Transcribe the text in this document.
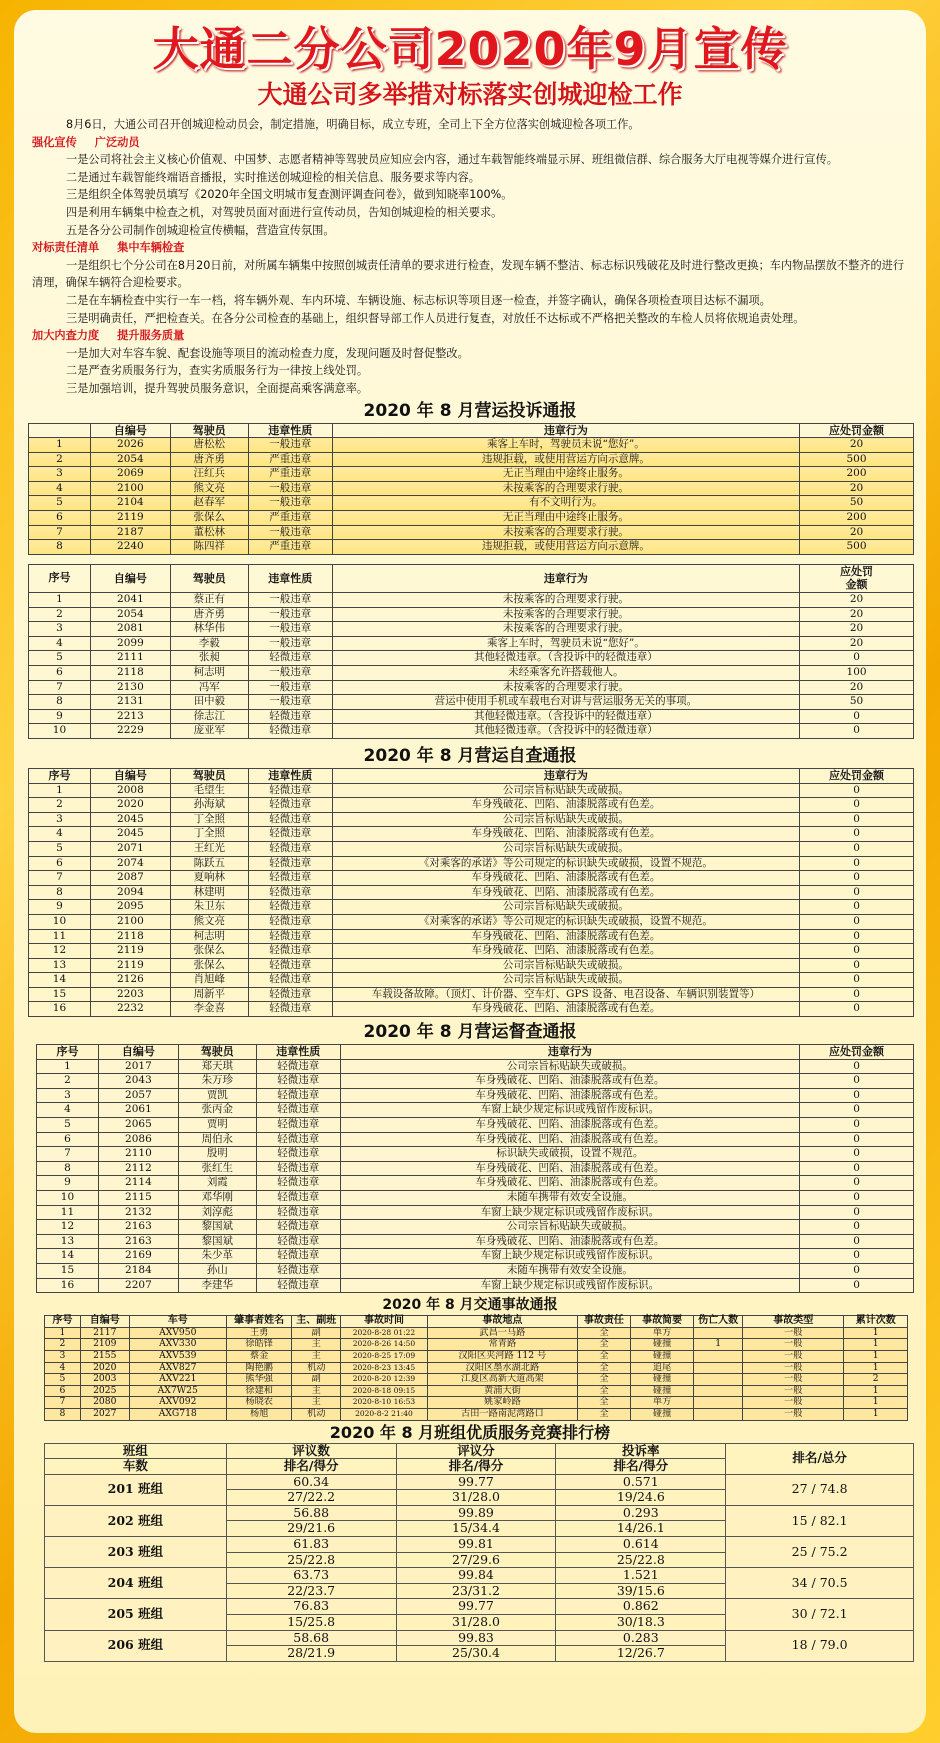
大通二分公司2020年9月宣传
大通公司多举措对标落实创城迎检工作

8月6日，大通公司召开创城迎检动员会，制定措施，明确目标，成立专班，全司上下全方位落实创城迎检各项工作。

强化宣传 广泛动员

一是公司将社会主义核心价值观、中国梦、志愿者精神等驾驶员应知应会内容，通过车载智能终端显示屏、班组微信群、综合服务大厅电视等媒介进行宣传。

二是通过车载智能终端语音播报，实时推送创城迎检的相关信息、服务要求等内容。

三是组织全体驾驶员填写《2020年全国文明城市复查测评调查问卷》，做到知晓率100%。

四是利用车辆集中检查之机，对驾驶员面对面进行宣传动员，告知创城迎检的相关要求。

五是各分公司制作创城迎检宣传横幅，营造宣传氛围。

对标责任清单 集中车辆检查

一是组织七个分公司在8月20日前，对所属车辆集中按照创城责任清单的要求进行检查，发现车辆不整洁、标志标识残破花及时进行整改更换；车内物品摆放不整齐的进行清理，确保车辆符合迎检要求。

二是在车辆检查中实行一车一档，将车辆外观、车内环境、车辆设施、标志标识等项目逐一检查，并签字确认，确保各项检查项目达标不漏项。

三是明确责任，严把检查关。在各分公司检查的基础上，组织督导部工作人员进行复查，对放任不达标或不严格把关整改的车检人员将依规追责处理。

加大内查力度 提升服务质量

一是加大对车容车貌、配套设施等项目的流动检查力度，发现问题及时督促整改。

二是严查劣质服务行为，查实劣质服务行为一律按上线处罚。

三是加强培训，提升驾驶员服务意识，全面提高乘客满意率。

2020 年 8 月营运投诉通报
	自编号	驾驶员	违章性质	违章行为	应处罚金额
1	2026	唐松松	一般违章	乘客上车时，驾驶员未说“您好”。	20
2	2054	唐齐勇	严重违章	违规拒载，或使用营运方向示意牌。	500
3	2069	汪红兵	严重违章	无正当理由中途终止服务。	200
4	2100	熊文亮	一般违章	未按乘客的合理要求行驶。	20
5	2104	赵春军	一般违章	有不文明行为。	50
6	2119	张保么	严重违章	无正当理由中途终止服务。	200
7	2187	董松林	一般违章	未按乘客的合理要求行驶。	20
8	2240	陈四祥	严重违章	违规拒载，或使用营运方向示意牌。	500
序号	自编号	驾驶员	违章性质	违章行为	应处罚
金额

1	2041	蔡正有	一般违章	未按乘客的合理要求行驶。	20
2	2054	唐齐勇	一般违章	未按乘客的合理要求行驶。	20
3	2081	林华伟	一般违章	未按乘客的合理要求行驶。	20
4	2099	李毅	一般违章	乘客上车时，驾驶员未说“您好”。	20
5	2111	张昶	轻微违章	其他轻微违章。（含投诉中的轻微违章）	0
6	2118	柯志明	一般违章	未经乘客允许搭载他人。	100
7	2130	冯军	一般违章	未按乘客的合理要求行驶。	20
8	2131	田中毅	一般违章	营运中使用手机或车载电台对讲与营运服务无关的事项。	50
9	2213	徐志江	轻微违章	其他轻微违章。（含投诉中的轻微违章）	0
10	2229	庞亚军	轻微违章	其他轻微违章。（含投诉中的轻微违章）	0
2020 年 8 月营运自查通报
序号	自编号	驾驶员	违章性质	违章行为	应处罚金额
1	2008	毛望生	轻微违章	公司宗旨标贴缺失或破损。	0
2	2020	孙海斌	轻微违章	车身残破花、凹陷、油漆脱落或有色差。	0
3	2045	丁全照	轻微违章	公司宗旨标贴缺失或破损。	0
4	2045	丁全照	轻微违章	车身残破花、凹陷、油漆脱落或有色差。	0
5	2071	王红光	轻微违章	公司宗旨标贴缺失或破损。	0
6	2074	陈跃五	轻微违章	《对乘客的承诺》等公司规定的标识缺失或破损，设置不规范。	0
7	2087	夏响林	轻微违章	车身残破花、凹陷、油漆脱落或有色差。	0
8	2094	林建明	轻微违章	车身残破花、凹陷、油漆脱落或有色差。	0
9	2095	朱卫东	轻微违章	公司宗旨标贴缺失或破损。	0
10	2100	熊文亮	轻微违章	《对乘客的承诺》等公司规定的标识缺失或破损，设置不规范。	0
11	2118	柯志明	轻微违章	车身残破花、凹陷、油漆脱落或有色差。	0
12	2119	张保么	轻微违章	车身残破花、凹陷、油漆脱落或有色差。	0
13	2119	张保么	轻微违章	公司宗旨标贴缺失或破损。	0
14	2126	肖旭峰	轻微违章	公司宗旨标贴缺失或破损。	0
15	2203	周新平	轻微违章	车载设备故障。（顶灯、计价器、空车灯、GPS 设备、电召设备、车辆识别装置等）	0
16	2232	李金喜	轻微违章	车身残破花、凹陷、油漆脱落或有色差。	0
2020 年 8 月营运督查通报
序号	自编号	驾驶员	违章性质	违章行为	应处罚金额
1	2017	郑天琪	轻微违章	公司宗旨标贴缺失或破损。	0
2	2043	朱万珍	轻微违章	车身残破花、凹陷、油漆脱落或有色差。	0
3	2057	贾凯	轻微违章	车身残破花、凹陷、油漆脱落或有色差。	0
4	2061	张丙金	轻微违章	车窗上缺少规定标识或残留作废标识。	0
5	2065	贾明	轻微违章	车身残破花、凹陷、油漆脱落或有色差。	0
6	2086	周伯永	轻微违章	车身残破花、凹陷、油漆脱落或有色差。	0
7	2110	殷明	轻微违章	标识缺失或破损，设置不规范。	0
8	2112	张红生	轻微违章	车身残破花、凹陷、油漆脱落或有色差。	0
9	2114	刘霞	轻微违章	车身残破花、凹陷、油漆脱落或有色差。	0
10	2115	邓华刚	轻微违章	未随车携带有效安全设施。	0
11	2132	刘淳彪	轻微违章	车窗上缺少规定标识或残留作废标识。	0
12	2163	黎国斌	轻微违章	公司宗旨标贴缺失或破损。	0
13	2163	黎国斌	轻微违章	车身残破花、凹陷、油漆脱落或有色差。	0
14	2169	朱少革	轻微违章	车窗上缺少规定标识或残留作废标识。	0
15	2184	孙山	轻微违章	未随车携带有效安全设施。	0
16	2207	李建华	轻微违章	车窗上缺少规定标识或残留作废标识。	0
2020 年 8 月交通事故通报
序号	自编号	车号	肇事者姓名	主、副班	事故时间	事故地点	事故责任	事故简要	伤亡人数	事故类型	累计次数
1	2117	AXV950	王勇	副	2020-8-28 01:22	武昌一马路	全	单方		一般	1
2	2109	AXV330	徐皓锋	主	2020-8-26 14:50	常青路	全	碰撞	1	一般	1
3	2155	AXV539	蔡金	主	2020-8-25 17:09	汉阳区夹河路 112 号	全	碰撞		一般	1
4	2020	AXV827	陶艳鹏	机动	2020-8-23 13:45	汉阳区墨水湖北路	全	追尾		一般	1
5	2003	AXV221	熊华强	副	2020-8-20 12:39	江夏区高新大道高架	全	碰撞		一般	2
6	2025	AX7W25	徐建和	主	2020-8-18 09:15	黄浦大街	全	碰撞		一般	1
7	2080	AXV092	杨晓农	主	2020-8-10 16:53	姚家岭路	全	单方		一般	1
8	2027	AXG718	杨旭	机动	2020-8-2 21:40	古田一路南泥湾路口	全	碰撞		一般	1
2020 年 8 月班组优质服务竞赛排行榜
班组	评议数	评议分	投诉率	排名/总分
车数	排名/得分	排名/得分	排名/得分	
201 班组	60.34	99.77	0.571	27 / 74.8
	27/22.2	31/28.0	19/24.6	
202 班组	56.88	99.89	0.293	15 / 82.1
	29/21.6	15/34.4	14/26.1	
203 班组	61.83	99.81	0.614	25 / 75.2
	25/22.8	27/29.6	25/22.8	
204 班组	63.73	99.84	1.521	34 / 70.5
	22/23.7	23/31.2	39/15.6	
205 班组	76.83	99.77	0.862	30 / 72.1
	15/25.8	31/28.0	30/18.3	
206 班组	58.68	99.83	0.283	18 / 79.0
	28/21.9	25/30.4	12/26.7	
